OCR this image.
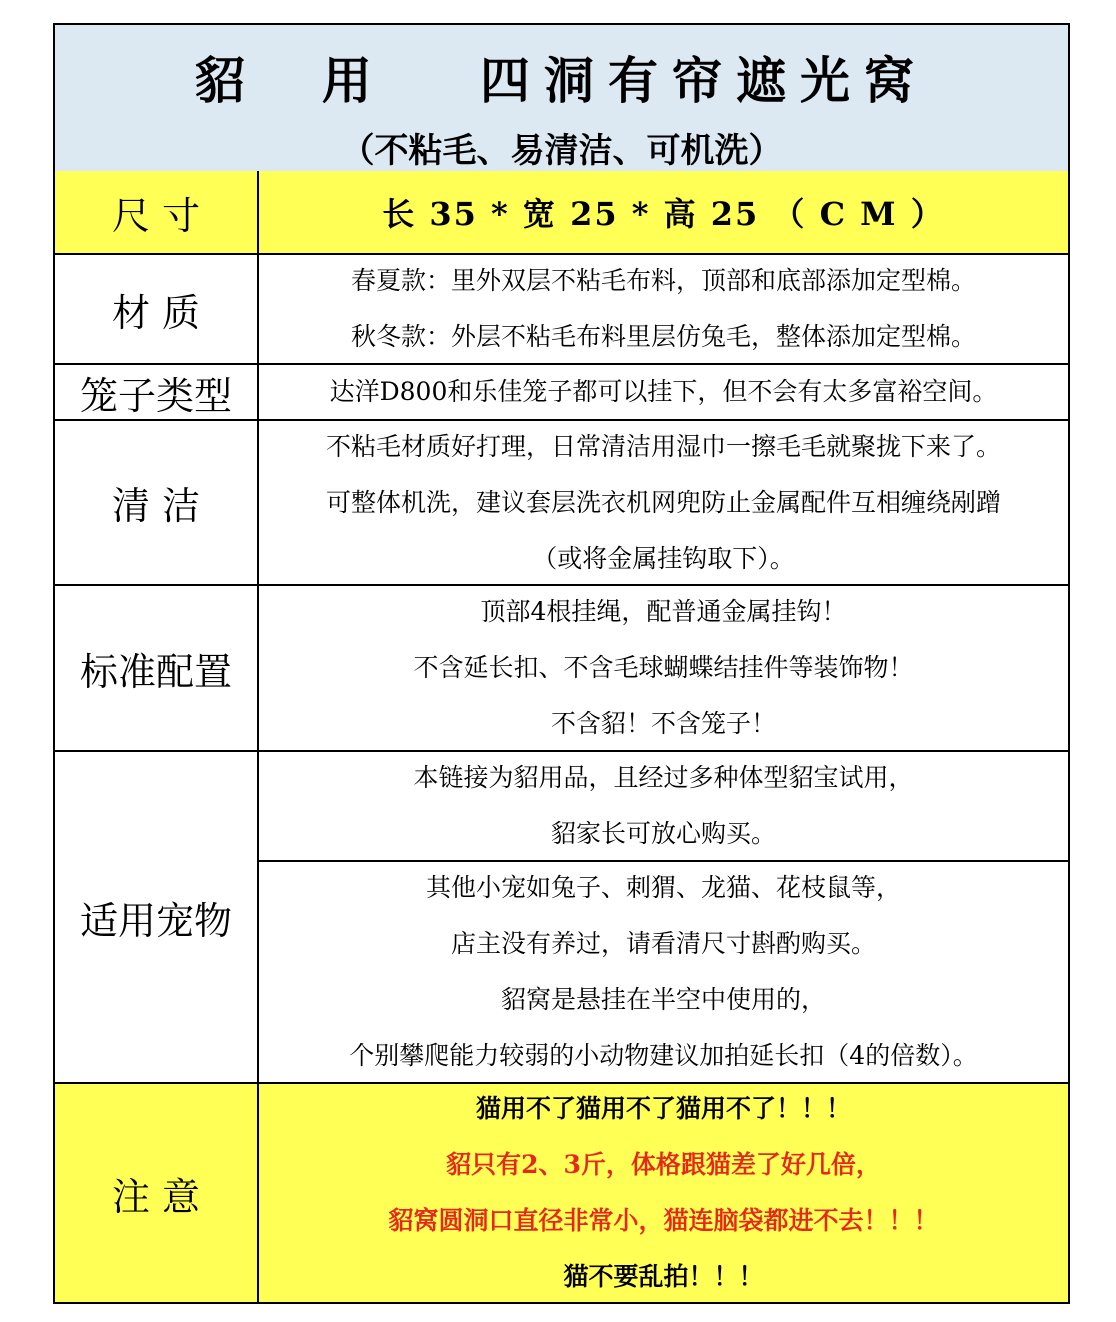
貂  用   四洞有帘遮光窝
（不粘毛、易清洁、可机洗）
尺 寸	长 35 * 宽 25 * 高 25 （ C M ）
材 质
春夏款：里外双层不粘毛布料，顶部和底部添加定型棉。
秋冬款：外层不粘毛布料里层仿兔毛，整体添加定型棉。
笼子类型	达洋D800和乐佳笼子都可以挂下，但不会有太多富裕空间。
清 洁
不粘毛材质好打理，日常清洁用湿巾一擦毛毛就聚拢下来了。
可整体机洗，建议套层洗衣机网兜防止金属配件互相缠绕剐蹭
（或将金属挂钩取下）。
标准配置
顶部4根挂绳，配普通金属挂钩！
不含延长扣、不含毛球蝴蝶结挂件等装饰物！
不含貂！不含笼子！
适用宠物
本链接为貂用品，且经过多种体型貂宝试用，
貂家长可放心购买。
其他小宠如兔子、刺猬、龙猫、花枝鼠等，
店主没有养过，请看清尺寸斟酌购买。
貂窝是悬挂在半空中使用的，
个别攀爬能力较弱的小动物建议加拍延长扣（4的倍数）。
注 意
猫用不了猫用不了猫用不了！！！
貂只有2、3斤，体格跟猫差了好几倍，
貂窝圆洞口直径非常小，猫连脑袋都进不去！！！
猫不要乱拍！！！
